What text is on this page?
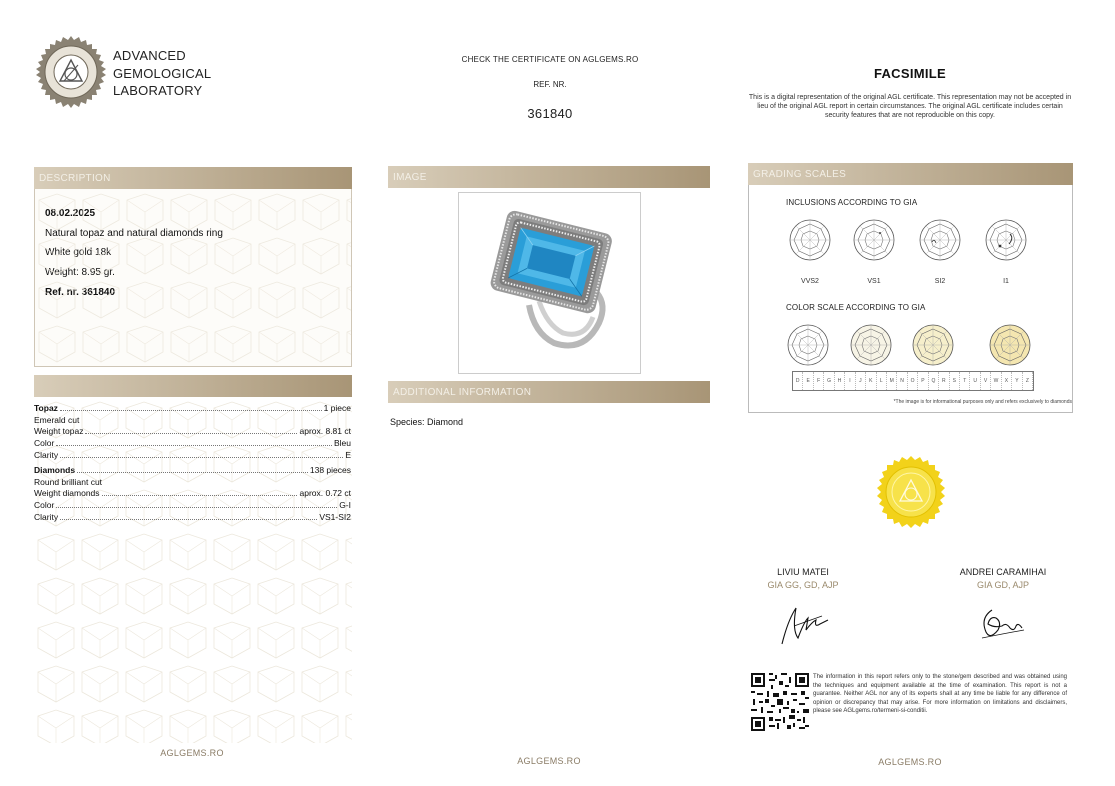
ADVANCED
GEMOLOGICAL
LABORATORY
CHECK THE CERTIFICATE ON AGLGEMS.RO
REF. NR.
361840
FACSIMILE
This is a digital representation of the original AGL certificate. This representation may not be accepted in lieu of the original AGL report in certain circumstances. The original AGL certificate includes certain security features that are not reproducible on this copy.
DESCRIPTION
Topaz	1 piece
Emerald cut
Weight topaz	aprox. 8.81 ct
Color	Bleu
Clarity	E
Diamonds	138 pieces
Round brilliant cut
Weight diamonds	aprox. 0.72 ct
Color	G-I
Clarity	VS1-SI2
AGLGEMS.RO
IMAGE
ADDITIONAL INFORMATION
Species: Diamond
AGLGEMS.RO
GRADING SCALES
INCLUSIONS ACCORDING TO GIA
VVS2	VS1	SI2	I1
COLOR SCALE ACCORDING TO GIA
D	E	F	G	H	I	J	K	L	M	N	O	P	Q	R	S	T	U	V	W	X	Y	Z
*The image is for informational purposes only and refers exclusively to diamonds
LIVIU MATEI
GIA GG, GD, AJP
ANDREI CARAMIHAI
GIA GD, AJP
The information in this report refers only to the stone/gem described and was obtained using the techniques and equipment available at the time of examination. This report is not a guarantee. Neither AGL nor any of its experts shall at any time be liable for any difference of opinion or discrepancy that may arise. For more information on limitations and disclaimers, please see AGLgems.ro/termeni-si-conditii.
AGLGEMS.RO
